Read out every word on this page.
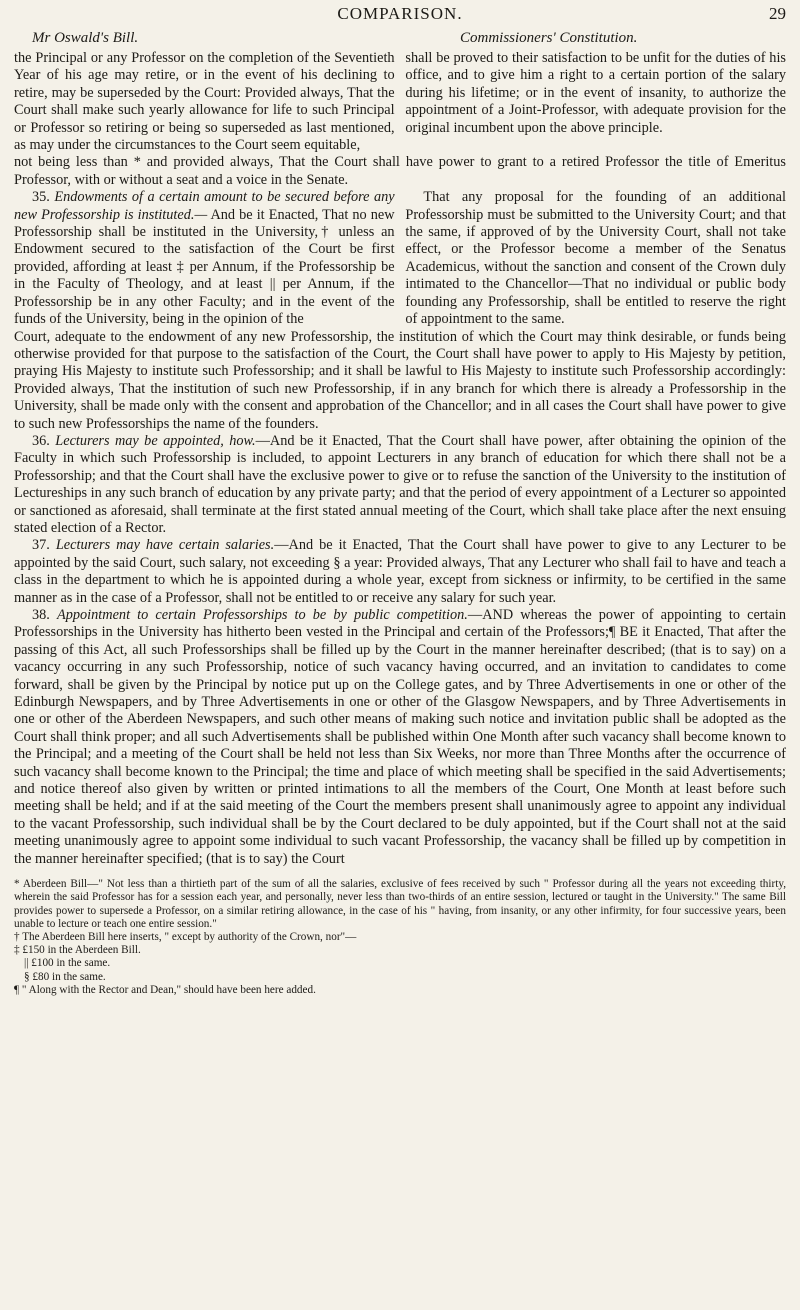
COMPARISON.	29
Mr Oswald's Bill.	Commissioners' Constitution.

the Principal or any Professor on the completion of the Seventieth Year of his age may retire, or in the event of his declining to retire, may be superseded by the Court: Provided always, That the Court shall make such yearly allowance for life to such Principal or Professor so retiring or being so superseded as last mentioned, as may under the circumstances to the Court seem equitable,

shall be proved to their satisfaction to be unfit for the duties of his office, and to give him a right to a certain portion of the salary during his lifetime; or in the event of insanity, to authorize the appointment of a Joint-Professor, with adequate provision for the original incumbent upon the above principle.

not being less than * and provided always, That the Court shall have power to grant to a retired Professor the title of Emeritus Professor, with or without a seat and a voice in the Senate.

35. Endowments of a certain amount to be secured before any new Professorship is instituted.— And be it Enacted, That no new Professorship shall be instituted in the University,† unless an Endowment secured to the satisfaction of the Court be first provided, affording at least ‡ per Annum, if the Professorship be in the Faculty of Theology, and at least || per Annum, if the Professorship be in any other Faculty; and in the event of the funds of the University, being in the opinion of the

That any proposal for the founding of an additional Professorship must be submitted to the University Court; and that the same, if approved of by the University Court, shall not take effect, or the Professor become a member of the Senatus Academicus, without the sanction and consent of the Crown duly intimated to the Chancellor—That no individual or public body founding any Professorship, shall be entitled to reserve the right of appointment to the same.

Court, adequate to the endowment of any new Professorship, the institution of which the Court may think desirable, or funds being otherwise provided for that purpose to the satisfaction of the Court, the Court shall have power to apply to His Majesty by petition, praying His Majesty to institute such Professorship; and it shall be lawful to His Majesty to institute such Professorship accordingly: Provided always, That the institution of such new Professorship, if in any branch for which there is already a Professorship in the University, shall be made only with the consent and approbation of the Chancellor; and in all cases the Court shall have power to give to such new Professorships the name of the founders.

36. Lecturers may be appointed, how.—And be it Enacted, That the Court shall have power, after obtaining the opinion of the Faculty in which such Professorship is included, to appoint Lecturers in any branch of education for which there shall not be a Professorship; and that the Court shall have the exclusive power to give or to refuse the sanction of the University to the institution of Lectureships in any such branch of education by any private party; and that the period of every appointment of a Lecturer so appointed or sanctioned as aforesaid, shall terminate at the first stated annual meeting of the Court, which shall take place after the next ensuing stated election of a Rector.

37. Lecturers may have certain salaries.—And be it Enacted, That the Court shall have power to give to any Lecturer to be appointed by the said Court, such salary, not exceeding § a year: Provided always, That any Lecturer who shall fail to have and teach a class in the department to which he is appointed during a whole year, except from sickness or infirmity, to be certified in the same manner as in the case of a Professor, shall not be entitled to or receive any salary for such year.

38. Appointment to certain Professorships to be by public competition.—AND whereas the power of appointing to certain Professorships in the University has hitherto been vested in the Principal and certain of the Professors;¶ BE it Enacted, That after the passing of this Act, all such Professorships shall be filled up by the Court in the manner hereinafter described; (that is to say) on a vacancy occurring in any such Professorship, notice of such vacancy having occurred, and an invitation to candidates to come forward, shall be given by the Principal by notice put up on the College gates, and by Three Advertisements in one or other of the Edinburgh Newspapers, and by Three Advertisements in one or other of the Glasgow Newspapers, and by Three Advertisements in one or other of the Aberdeen Newspapers, and such other means of making such notice and invitation public shall be adopted as the Court shall think proper; and all such Advertisements shall be published within One Month after such vacancy shall become known to the Principal; and a meeting of the Court shall be held not less than Six Weeks, nor more than Three Months after the occurrence of such vacancy shall become known to the Principal; the time and place of which meeting shall be specified in the said Advertisements; and notice thereof also given by written or printed intimations to all the members of the Court, One Month at least before such meeting shall be held; and if at the said meeting of the Court the members present shall unanimously agree to appoint any individual to the vacant Professorship, such individual shall be by the Court declared to be duly appointed, but if the Court shall not at the said meeting unanimously agree to appoint some individual to such vacant Professorship, the vacancy shall be filled up by competition in the manner hereinafter specified; (that is to say) the Court

* Aberdeen Bill—" Not less than a thirtieth part of the sum of all the salaries, exclusive of fees received by such " Professor during all the years not exceeding thirty, wherein the said Professor has for a session each year, and personally, never less than two-thirds of an entire session, lectured or taught in the University." The same Bill provides power to supersede a Professor, on a similar retiring allowance, in the case of his " having, from insanity, or any other infirmity, for four successive years, been unable to lecture or teach one entire session."

† The Aberdeen Bill here inserts, " except by authority of the Crown, nor"—

‡ £150 in the Aberdeen Bill.

|| £100 in the same.

§ £80 in the same.

¶ " Along with the Rector and Dean," should have been here added.
